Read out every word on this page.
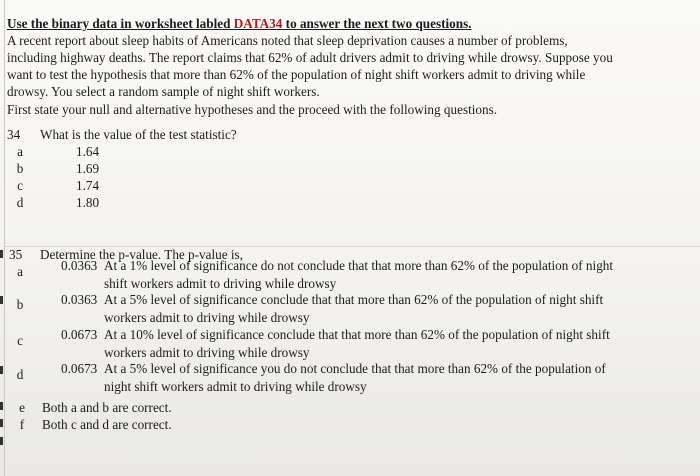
Use the binary data in worksheet labled DATA34 to answer the next two questions.
A recent report about sleep habits of Americans noted that sleep deprivation causes a number of problems,
including highway deaths. The report claims that 62% of adult drivers admit to driving while drowsy. Suppose you
want to test the hypothesis that more than 62% of the population of night shift workers admit to driving while
drowsy. You select a random sample of night shift workers.
First state your null and alternative hypotheses and the proceed with the following questions.
34 What is the value of the test statistic?
a	1.64
b	1.69
c	1.74
d	1.80
35 Determine the p-value. The p-value is,
a	0.0363 At a 1% level of significance do not conclude that that more than 62% of the population of night
shift workers admit to driving while drowsy
b	0.0363 At a 5% level of significance conclude that that more than 62% of the population of night shift
workers admit to driving while drowsy
c	0.0673 At a 10% level of significance conclude that that more than 62% of the population of night shift
workers admit to driving while drowsy
d	0.0673 At a 5% level of significance you do not conclude that that more than 62% of the population of
night shift workers admit to driving while drowsy
e	Both a and b are correct.
f	Both c and d are correct.
